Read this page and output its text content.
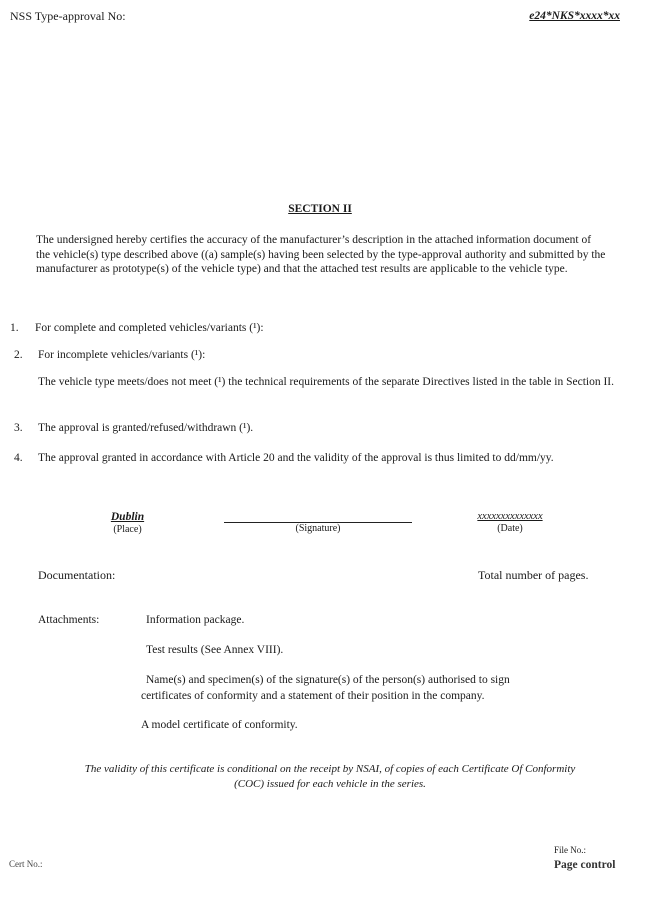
NSS Type-approval No:	e24*NKS*xxxx*xx
SECTION II
The undersigned hereby certifies the accuracy of the manufacturer’s description in the attached information document of the vehicle(s) type described above ((a) sample(s) having been selected by the type-approval authority and submitted by the manufacturer as prototype(s) of the vehicle type) and that the attached test results are applicable to the vehicle type.
1. For complete and completed vehicles/variants (¹):
2. For incomplete vehicles/variants (¹):
The vehicle type meets/does not meet (¹) the technical requirements of the separate Directives listed in the table in Section II.
3. The approval is granted/refused/withdrawn (¹).
4. The approval granted in accordance with Article 20 and the validity of the approval is thus limited to dd/mm/yy.
Dublin
(Place)	(Signature)
xxxxxxxxxxxxxx
(Date)
Documentation:	Total number of pages.
Attachments:	Information package.
Test results (See Annex VIII).
Name(s) and specimen(s) of the signature(s) of the person(s) authorised to sign
certificates of conformity and a statement of their position in the company.
A model certificate of conformity.
The validity of this certificate is conditional on the receipt by NSAI, of copies of each Certificate Of Conformity
(COC) issued for each vehicle in the series.
File No.:
Page control
Cert No.:
